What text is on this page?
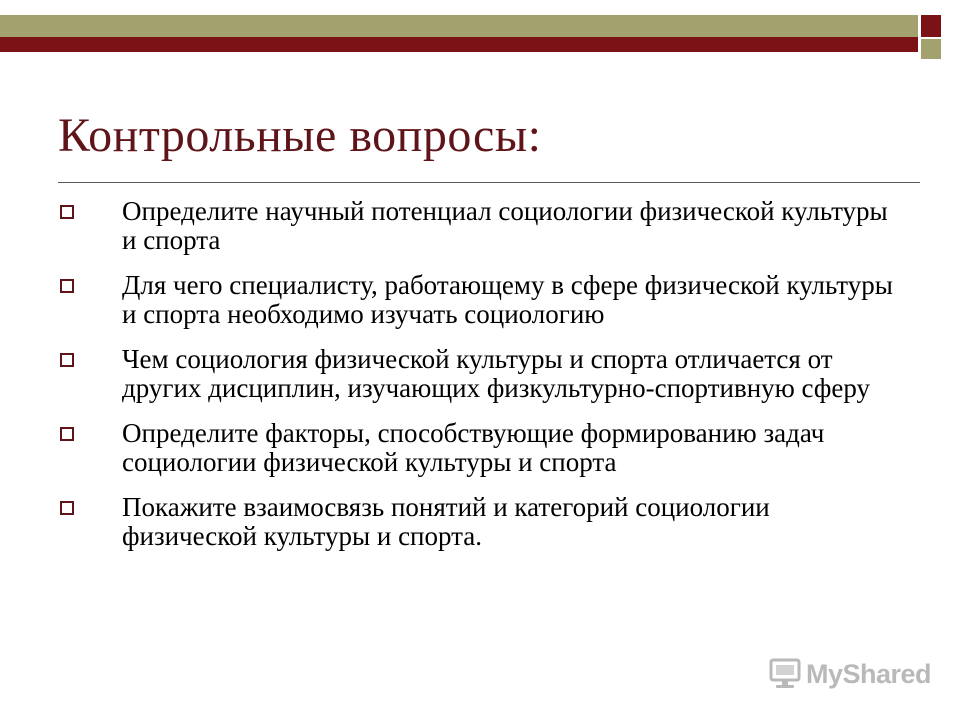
Контрольные вопросы:
Определите научный потенциал социологии физической культуры и спорта
Для чего специалисту, работающему в сфере физической культуры и спорта необходимо изучать социологию
Чем социология физической культуры и спорта отличается от других дисциплин, изучающих физкультурно-спортивную сферу
Определите факторы, способствующие формированию задач социологии физической культуры и спорта
Покажите взаимосвязь понятий и категорий социологии физической культуры и спорта.
MyShared
